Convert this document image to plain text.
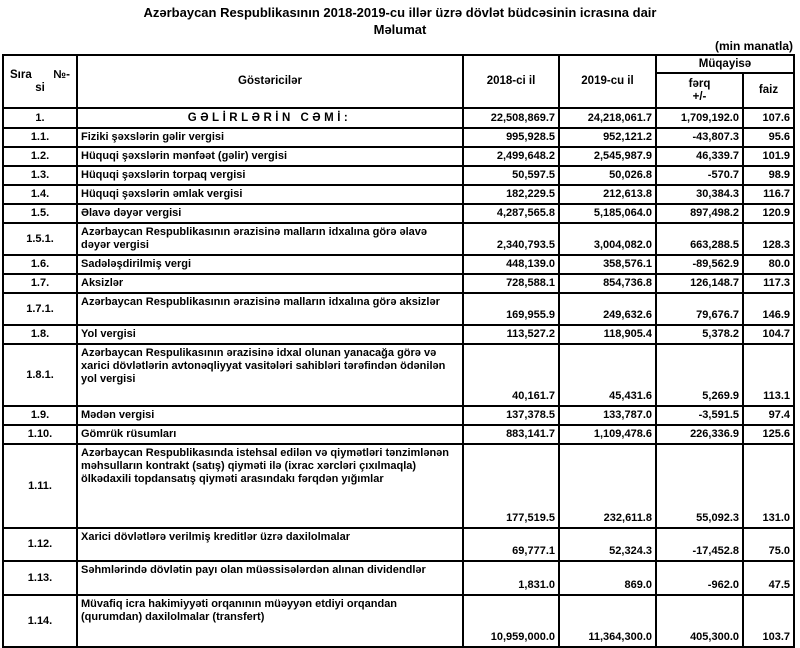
Azərbaycan Respublikasının 2018-2019-cu illər üzrə dövlət büdcəsinin icrasına dair
Məlumat
(min manatla)
Sıra №-
si	Göstəricilər	2018-ci il	2019-cu il	Müqayisə	

				fərq
+/-	faiz
1.	GƏLİRLƏRİN CƏMİ:	22,508,869.7	24,218,061.7	1,709,192.0	107.6
1.1.	Fiziki şəxslərin gəlir vergisi	995,928.5	952,121.2	-43,807.3	95.6
1.2.	Hüquqi şəxslərin mənfəət (gəlir) vergisi	2,499,648.2	2,545,987.9	46,339.7	101.9
1.3.	Hüquqi şəxslərin torpaq vergisi	50,597.5	50,026.8	-570.7	98.9
1.4.	Hüquqi şəxslərin əmlak vergisi	182,229.5	212,613.8	30,384.3	116.7
1.5.	Əlavə dəyər vergisi	4,287,565.8	5,185,064.0	897,498.2	120.9
1.5.1.	Azərbaycan Respublikasının ərazisinə malların idxalına görə əlavə dəyər vergisi	2,340,793.5	3,004,082.0	663,288.5	128.3
1.6.	Sadələşdirilmiş vergi	448,139.0	358,576.1	-89,562.9	80.0
1.7.	Aksizlər	728,588.1	854,736.8	126,148.7	117.3
1.7.1.	Azərbaycan Respublikasının ərazisinə malların idxalına görə aksizlər	169,955.9	249,632.6	79,676.7	146.9
1.8.	Yol vergisi	113,527.2	118,905.4	5,378.2	104.7
1.8.1.	Azərbaycan Respulikasının ərazisinə idxal olunan yanacağa görə və xarici dövlətlərin avtonəqliyyat vasitələri sahibləri tərəfindən ödənilən yol vergisi	40,161.7	45,431.6	5,269.9	113.1
1.9.	Mədən vergisi	137,378.5	133,787.0	-3,591.5	97.4
1.10.	Gömrük rüsumları	883,141.7	1,109,478.6	226,336.9	125.6
1.11.	Azərbaycan Respublikasında istehsal edilən və qiymətləri tənzimlənən məhsulların kontrakt (satış) qiyməti ilə (ixrac xərcləri çıxılmaqla) ölkədaxili topdansatış qiyməti arasındakı fərqdən yığımlar	177,519.5	232,611.8	55,092.3	131.0
1.12.	Xarici dövlətlərə verilmiş kreditlər üzrə daxilolmalar	69,777.1	52,324.3	-17,452.8	75.0
1.13.	Səhmlərində dövlətin payı olan müəssisələrdən alınan dividendlər	1,831.0	869.0	-962.0	47.5
1.14.	Müvafiq icra hakimiyyəti orqanının müəyyən etdiyi orqandan (qurumdan) daxilolmalar (transfert)	10,959,000.0	11,364,300.0	405,300.0	103.7
